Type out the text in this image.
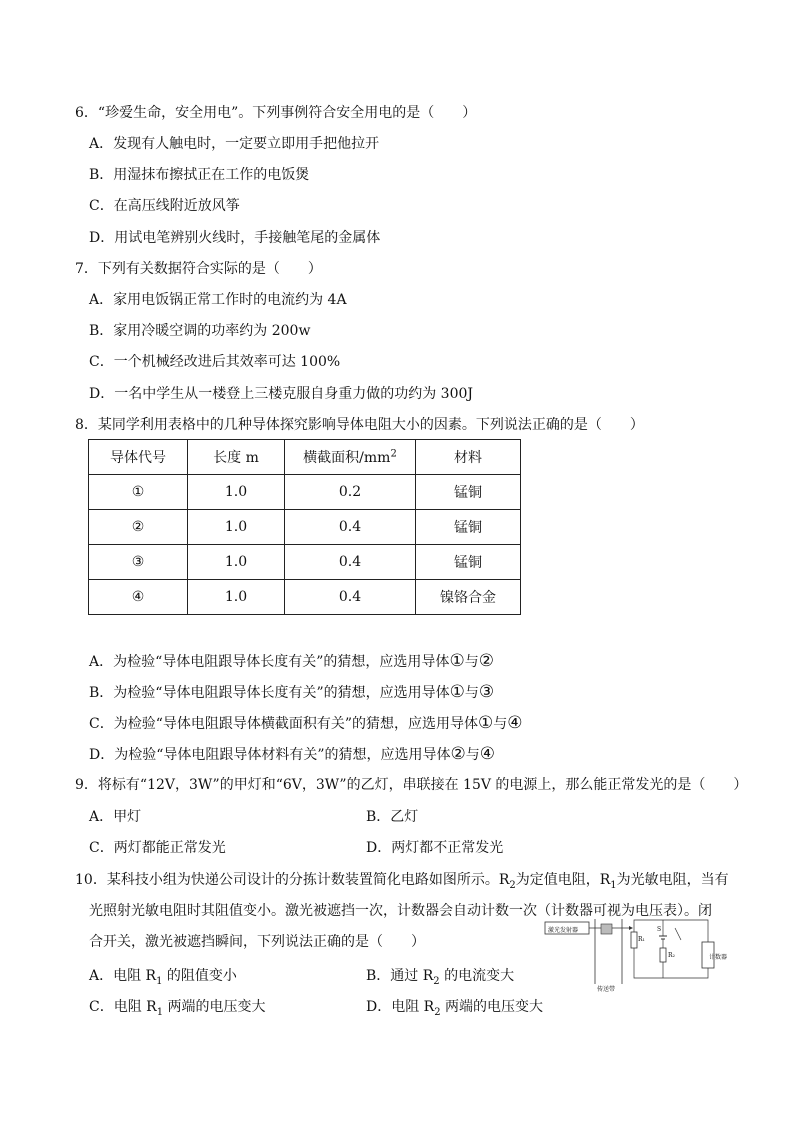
6．“珍爱生命，安全用电”。下列事例符合安全用电的是（　　）
A．发现有人触电时，一定要立即用手把他拉开
B．用湿抹布擦拭正在工作的电饭煲
C．在高压线附近放风筝
D．用试电笔辨别火线时，手接触笔尾的金属体
7．下列有关数据符合实际的是（　　）
A．家用电饭锅正常工作时的电流约为 4A
B．家用冷暖空调的功率约为 200w
C．一个机械经改进后其效率可达 100%
D．一名中学生从一楼登上三楼克服自身重力做的功约为 300J
8．某同学利用表格中的几种导体探究影响导体电阻大小的因素。下列说法正确的是（　　）
导体代号	长度 m	横截面积$/mm^2$	材料
①	1.0	0.2	锰铜
②	1.0	0.4	锰铜
③	1.0	0.4	锰铜
④	1.0	0.4	镍铬合金
A．为检验“导体电阻跟导体长度有关”的猜想，应选用导体①与②
B．为检验“导体电阻跟导体长度有关”的猜想，应选用导体①与③
C．为检验“导体电阻跟导体横截面积有关”的猜想，应选用导体①与④
D．为检验“导体电阻跟导体材料有关”的猜想，应选用导体②与④
9．将标有“12V，3W”的甲灯和“6V，3W”的乙灯，串联接在 15V 的电源上，那么能正常发光的是（　　）
A．甲灯	B．乙灯
C．两灯都能正常发光	D．两灯都不正常发光
10．某科技小组为快递公司设计的分拣计数装置简化电路如图所示。$R_2$为定值电阻，$R_1$为光敏电阻，当有
光照射光敏电阻时其阻值变小。激光被遮挡一次，计数器会自动计数一次（计数器可视为电压表）。闭
合开关，激光被遮挡瞬间，下列说法正确的是（　　）
A．电阻 $R_1$ 的阻值变小	B．通过 $R_2$ 的电流变大
C．电阻 $R_1$ 两端的电压变大	D．电阻 $R_2$ 两端的电压变大
激光发射器
传送带
R₁
R₂
S
计数器
